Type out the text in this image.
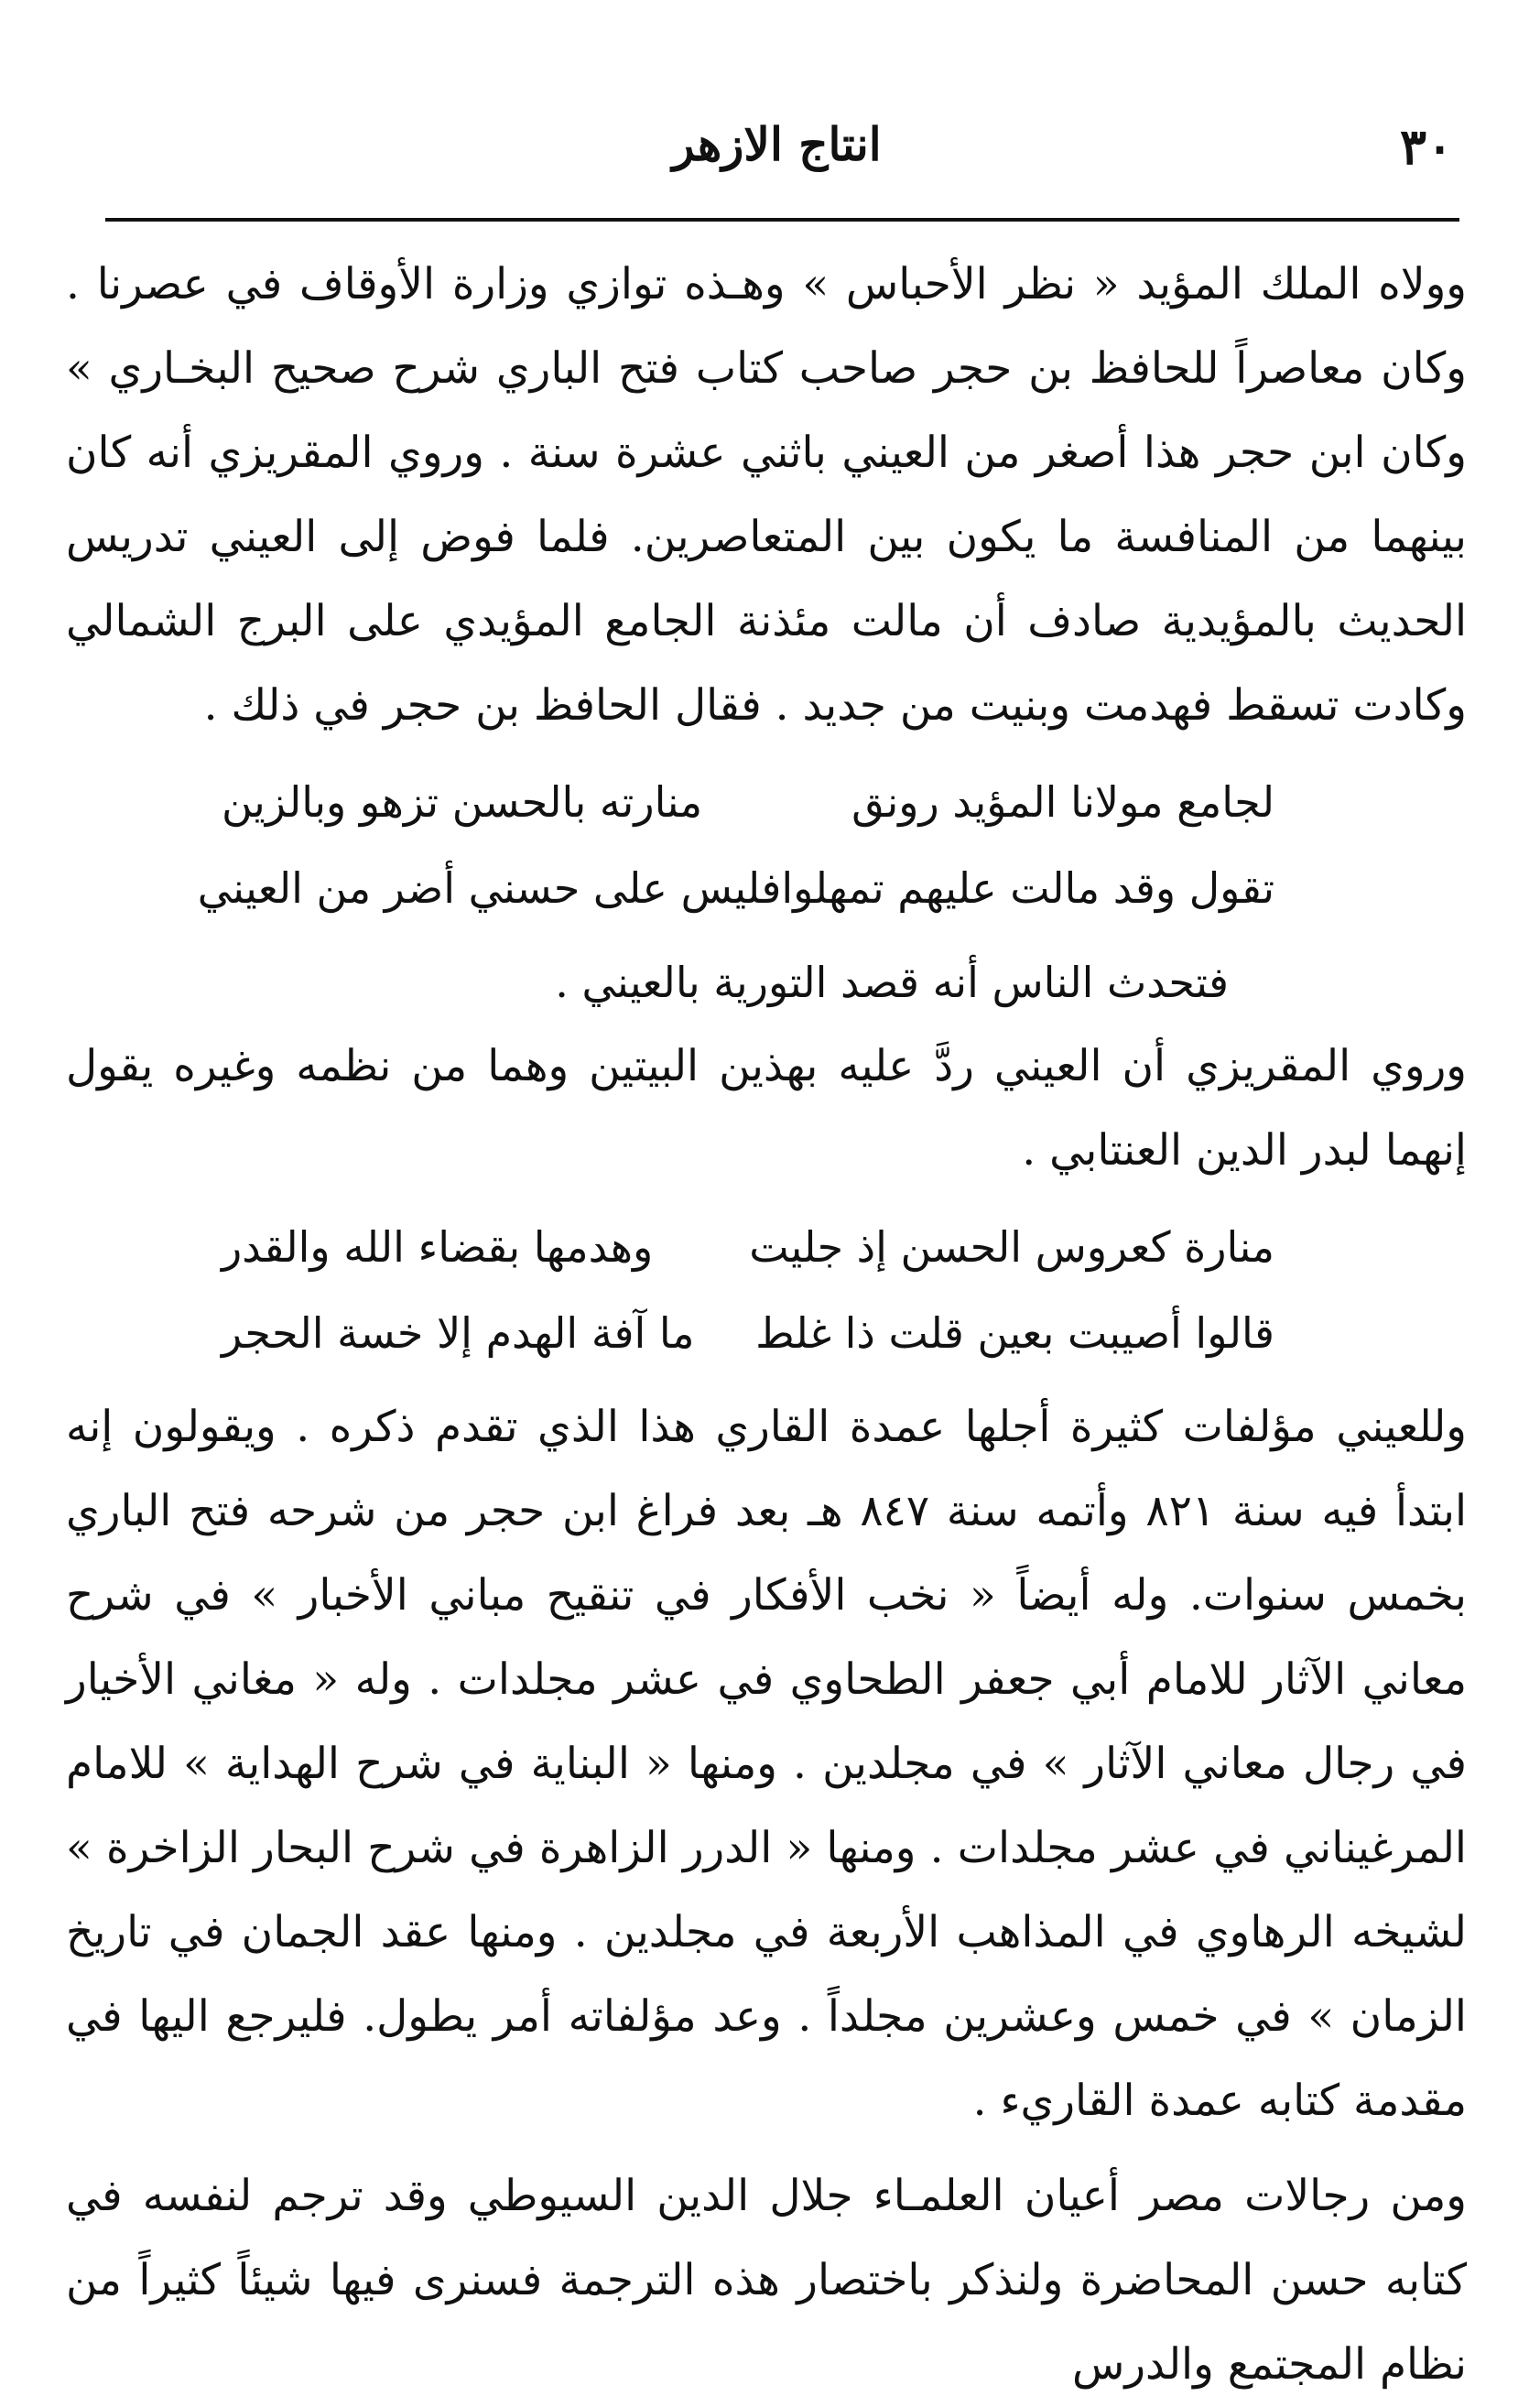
٣٠
انتاج الازهر

وولاه الملك المؤيد « نظر الأحباس » وهـذه توازي وزارة الأوقاف في عصرنا . وكان معاصراً للحافظ بن حجر صاحب كتاب فتح الباري شرح صحيح البخـاري » وكان ابن حجر هذا أصغر من العيني باثني عشرة سنة . وروي المقريزي أنه كان بينهما من المنافسة ما يكون بين المتعاصرين. فلما فوض إلى العيني تدريس الحديث بالمؤيدية صادف أن مالت مئذنة الجامع المؤيدي على البرج الشمالي وكادت تسقط فهدمت وبنيت من جديد . فقال الحافظ بن حجر في ذلك .

لجامع مولانا المؤيد رونق
منارته بالحسن تزهو وبالزين
تقول وقد مالت عليهم تمهلوا
فليس على حسني أضر من العيني

فتحدث الناس أنه قصد التورية بالعيني .

وروي المقريزي أن العيني ردَّ عليه بهذين البيتين وهما من نظمه وغيره يقول إنهما لبدر الدين العنتابي .

منارة كعروس الحسن إذ جليت
وهدمها بقضاء الله والقدر
قالوا أصيبت بعين قلت ذا غلط
ما آفة الهدم إلا خسة الحجر

وللعيني مؤلفات كثيرة أجلها عمدة القاري هذا الذي تقدم ذكره . ويقولون إنه ابتدأ فيه سنة ٨٢١ وأتمه سنة ٨٤٧ هـ بعد فراغ ابن حجر من شرحه فتح الباري بخمس سنوات. وله أيضاً « نخب الأفكار في تنقيح مباني الأخبار » في شرح معاني الآثار للامام أبي جعفر الطحاوي في عشر مجلدات . وله « مغاني الأخيار في رجال معاني الآثار » في مجلدين . ومنها « البناية في شرح الهداية » للامام المرغيناني في عشر مجلدات . ومنها « الدرر الزاهرة في شرح البحار الزاخرة » لشيخه الرهاوي في المذاهب الأربعة في مجلدين . ومنها عقد الجمان في تاريخ الزمان » في خمس وعشرين مجلداً . وعد مؤلفاته أمر يطول. فليرجع اليها في مقدمة كتابه عمدة القاريء .

ومن رجالات مصر أعيان العلمـاء جلال الدين السيوطي وقد ترجم لنفسه في كتابه حسن المحاضرة ولنذكر باختصار هذه الترجمة فسنرى فيها شيئاً كثيراً من نظام المجتمع والدرس
